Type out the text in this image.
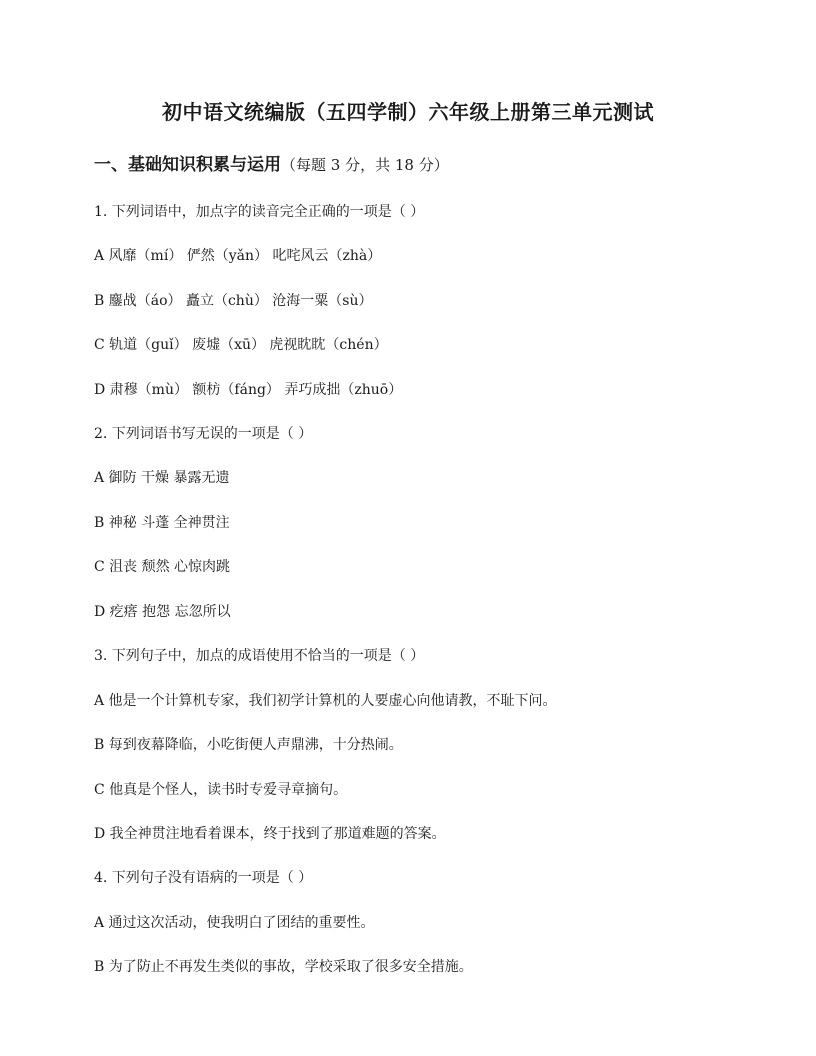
初中语文统编版（五四学制）六年级上册第三单元测试
一、基础知识积累与运用（每题 3 分，共 18 分）
1. 下列词语中，加点字的读音完全正确的一项是（ ）
A 风靡（mí） 俨然（yǎn） 叱咤风云（zhà）
B 鏖战（áo） 矗立（chù） 沧海一粟（sù）
C 轨道（guǐ） 废墟（xū） 虎视眈眈（chén）
D 肃穆（mù） 额枋（fáng） 弄巧成拙（zhuō）
2. 下列词语书写无误的一项是（ ）
A 御防 干燥 暴露无遗
B 神秘 斗蓬 全神贯注
C 沮丧 颓然 心惊肉跳
D 疙瘩 抱怨 忘忽所以
3. 下列句子中，加点的成语使用不恰当的一项是（ ）
A 他是一个计算机专家，我们初学计算机的人要虚心向他请教，不耻下问。
B 每到夜幕降临，小吃街便人声鼎沸，十分热闹。
C 他真是个怪人，读书时专爱寻章摘句。
D 我全神贯注地看着课本，终于找到了那道难题的答案。
4. 下列句子没有语病的一项是（ ）
A 通过这次活动，使我明白了团结的重要性。
B 为了防止不再发生类似的事故，学校采取了很多安全措施。
